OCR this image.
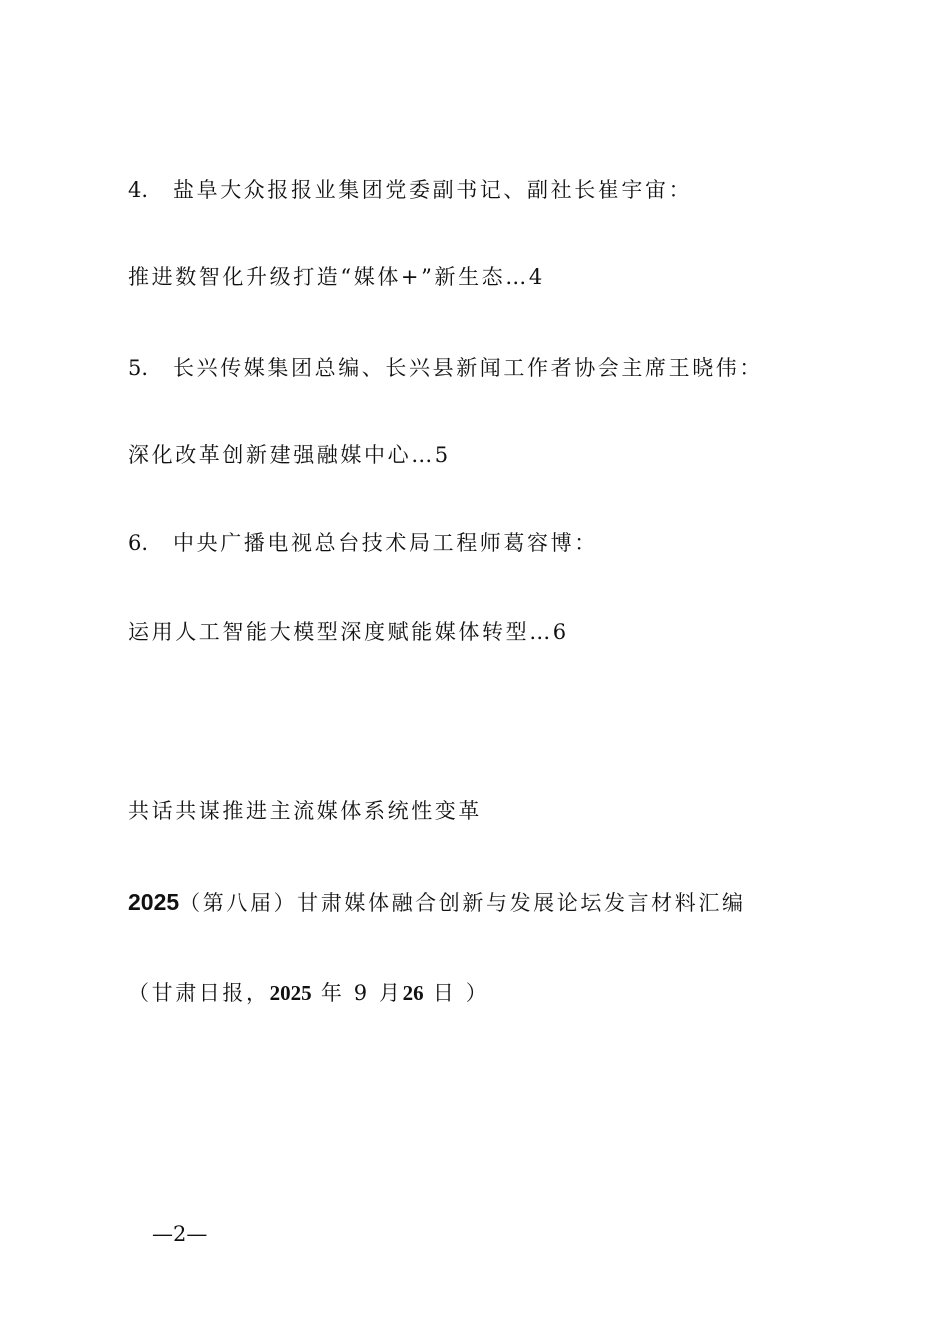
4. 盐阜大众报报业集团党委副书记、副社长崔宇宙：
推进数智化升级打造“媒体+”新生态…4
5. 长兴传媒集团总编、长兴县新闻工作者协会主席王晓伟：
深化改革创新建强融媒中心…5
6. 中央广播电视总台技术局工程师葛容博：
运用人工智能大模型深度赋能媒体转型…6
共话共谋推进主流媒体系统性变革
2025（第八届）甘肃媒体融合创新与发展论坛发言材料汇编
（甘肃日报，2025 年 9 月26 日 ）
—2—
